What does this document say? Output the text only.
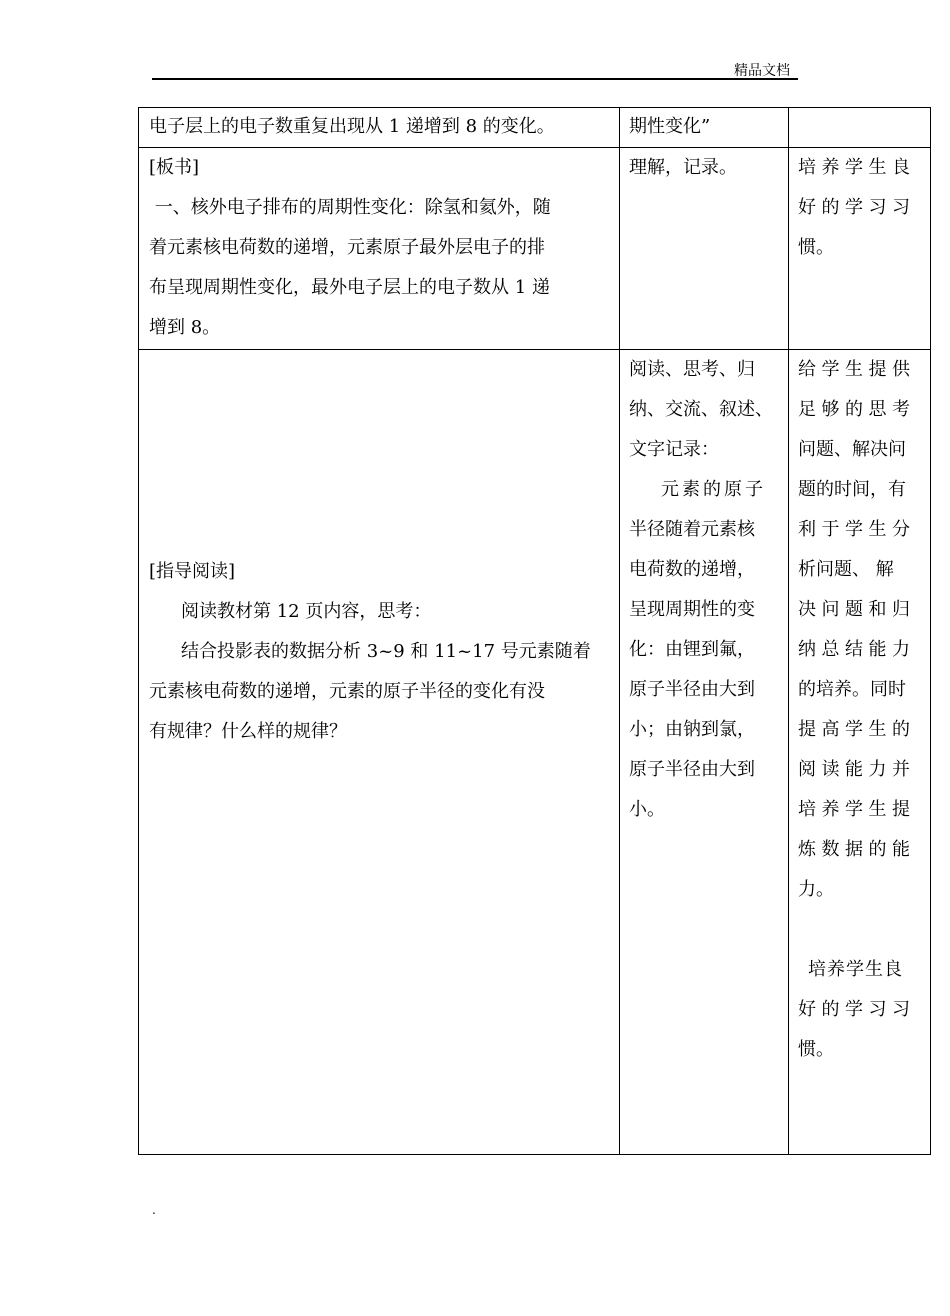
精品文档
电子层上的电子数重复出现从 1 递增到 8 的变化。	期性变化”
[板书]
一、核外电子排布的周期性变化：除氢和氦外，随
着元素核电荷数的递增，元素原子最外层电子的排
布呈现周期性变化，最外电子层上的电子数从 1 递
增到 8。
理解，记录。	培养学生良
好的学习习
惯。
[指导阅读]
阅读教材第 12 页内容，思考：
结合投影表的数据分析 3~9 和 11~17 号元素随着
元素核电荷数的递增，元素的原子半径的变化有没
有规律？什么样的规律？
阅读、思考、归
纳、交流、叙述、
文字记录：
元素的原子
半径随着元素核
电荷数的递增，
呈现周期性的变
化：由锂到氟，
原子半径由大到
小；由钠到氯，
原子半径由大到
小。
给学生提供
足够的思考
问题、解决问
题的时间，有
利于学生分
析问题、 解
决问题和归
纳总结能力
的培养。同时
提高学生的
阅读能力并
培养学生提
炼数据的能
力。
培养学生良
好的学习习
惯。
.
